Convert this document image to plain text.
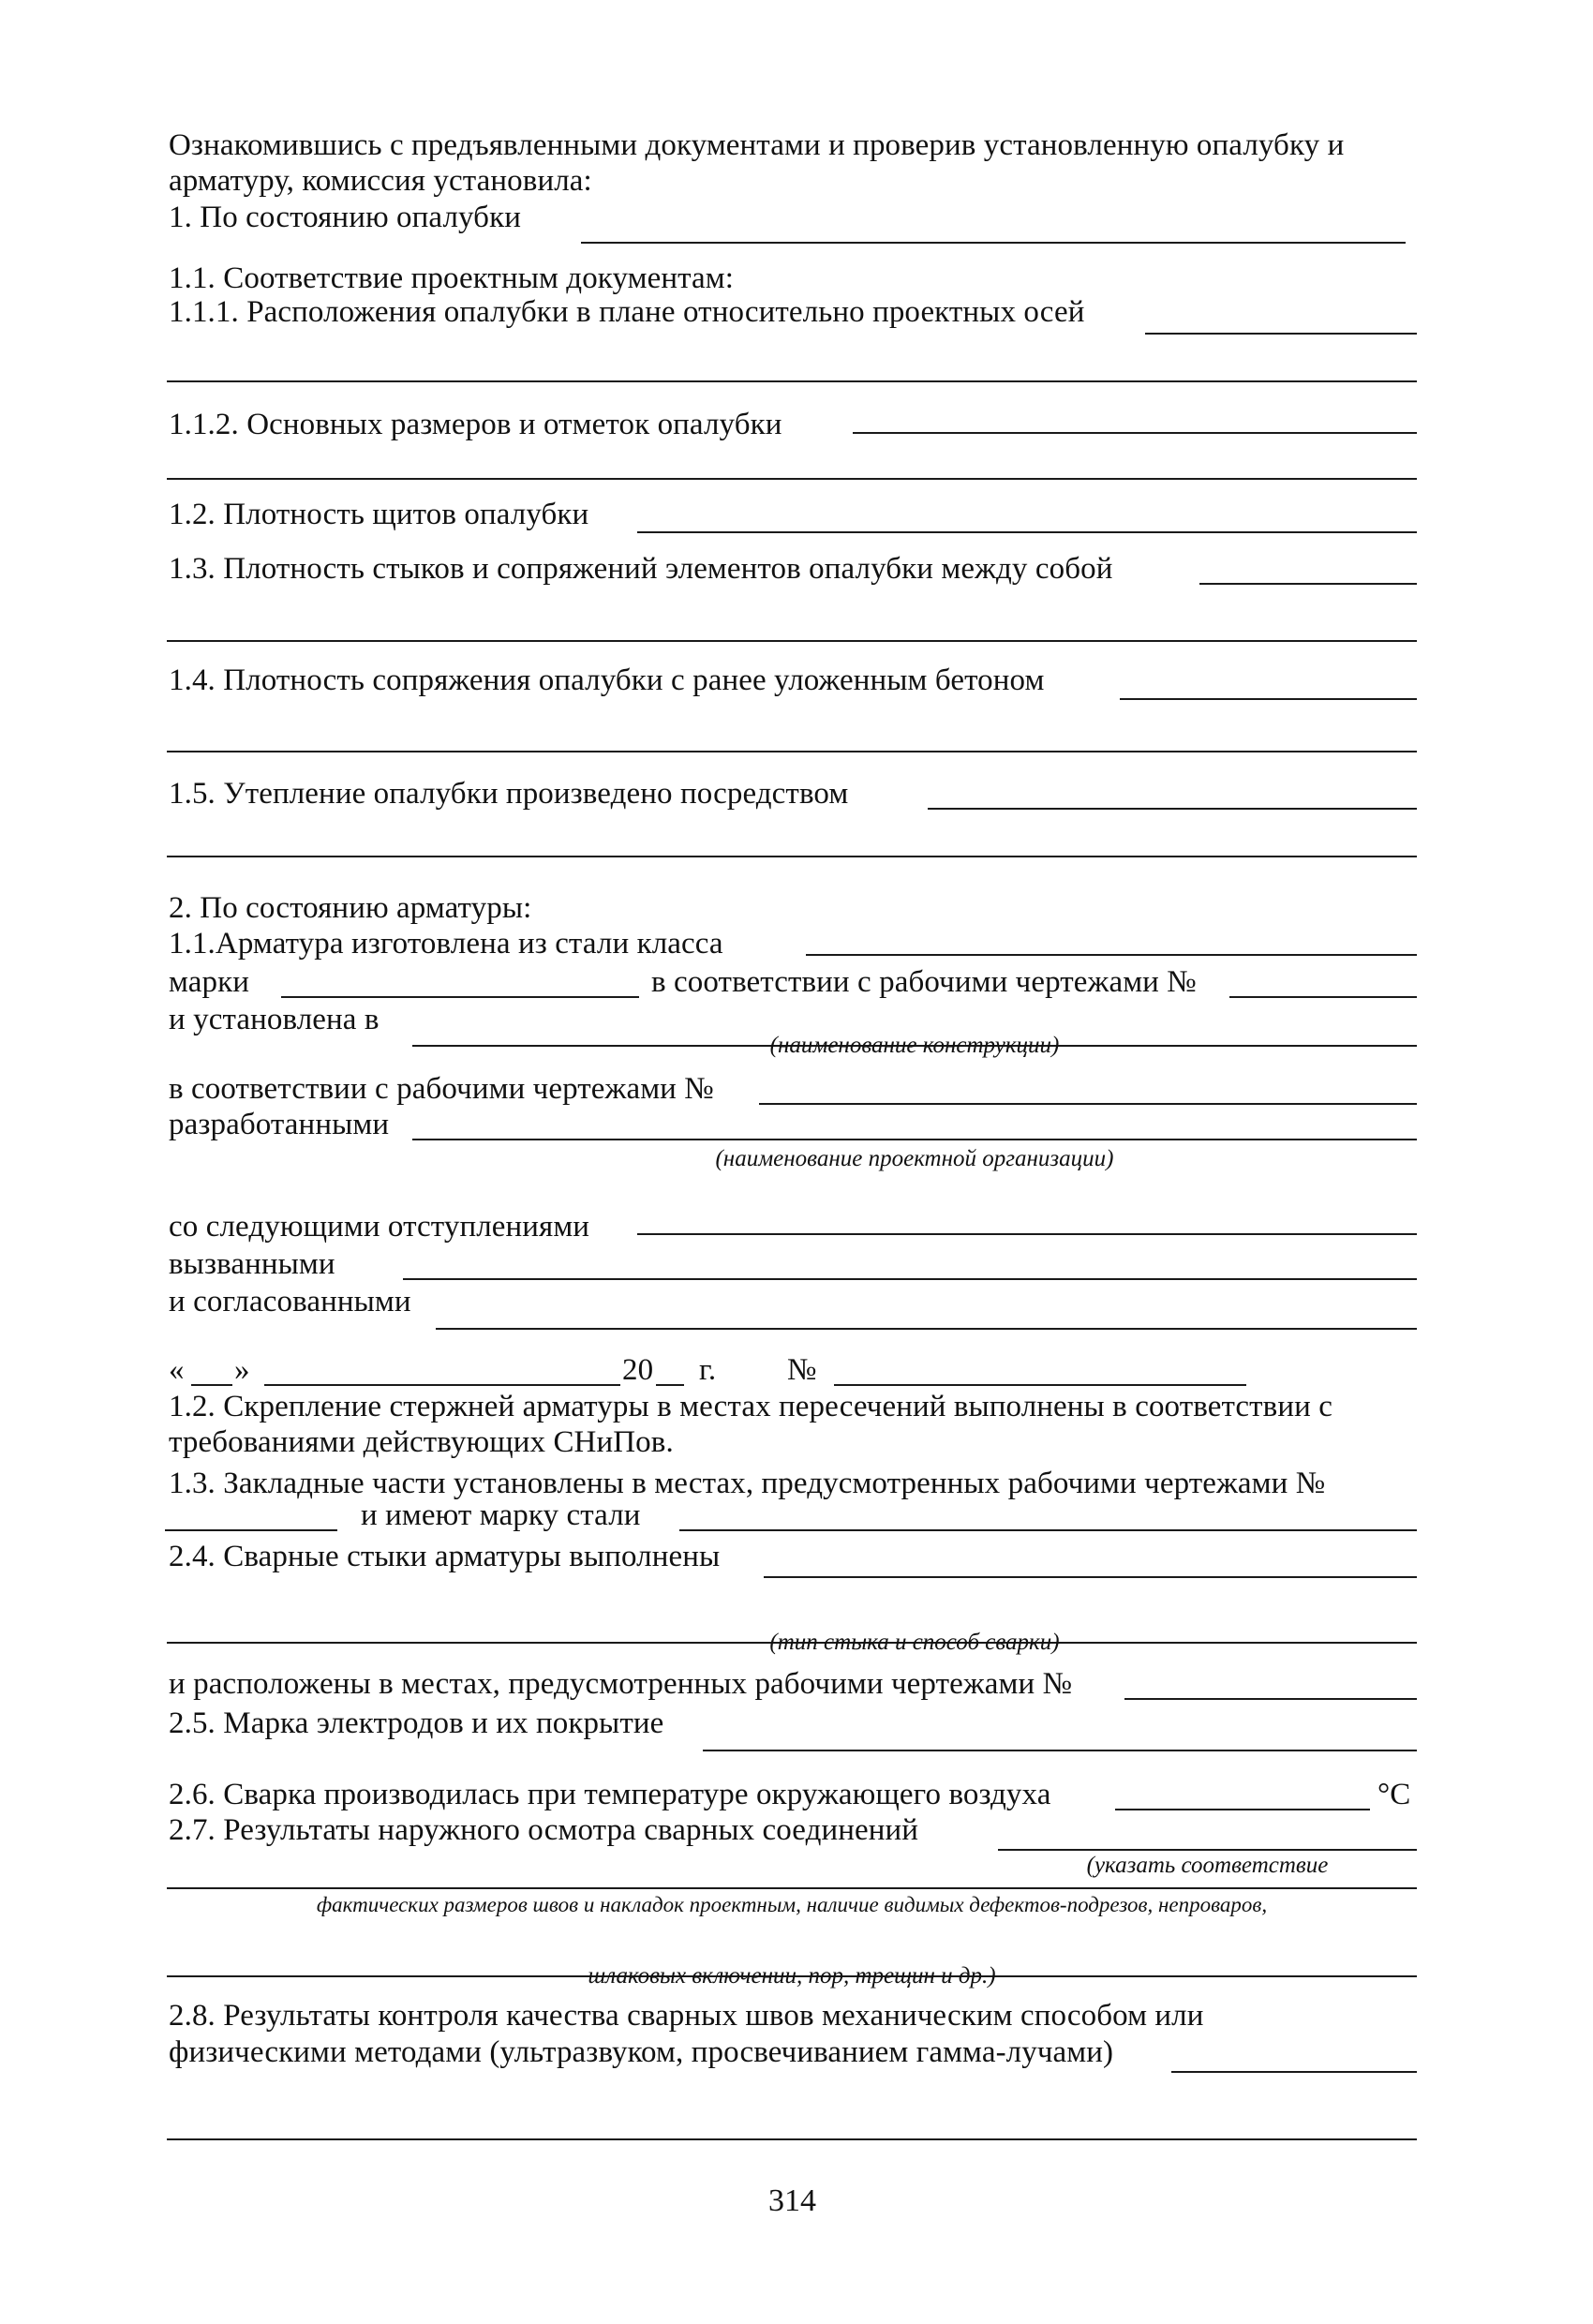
Ознакомившись с предъявленными документами и проверив установленную опалубку и
арматуру, комиссия установила:
1. По состоянию опалубки
1.1. Соответствие проектным документам:
1.1.1. Расположения опалубки в плане относительно проектных осей
1.1.2. Основных размеров и отметок опалубки
1.2. Плотность щитов опалубки
1.3. Плотность стыков и сопряжений элементов опалубки между собой
1.4. Плотность сопряжения опалубки с ранее уложенным бетоном
1.5. Утепление опалубки произведено посредством
2. По состоянию арматуры:
1.1.Арматура изготовлена из стали класса
марки	в соответствии с рабочими чертежами №
и установлена в
(наименование конструкции)
в соответствии с рабочими чертежами №
разработанными
(наименование проектной организации)
со следующими отступлениями
вызванными
и согласованными
« »	20 г. №
1.2. Скрепление стержней арматуры в местах пересечений выполнены в соответствии с
требованиями действующих СНиПов.
1.3. Закладные части установлены в местах, предусмотренных рабочими чертежами №
и имеют марку стали
2.4. Сварные стыки арматуры выполнены
(тип стыка и способ сварки)
и расположены в местах, предусмотренных рабочими чертежами №
2.5. Марка электродов и их покрытие
2.6. Сварка производилась при температуре окружающего воздуха	°С
2.7. Результаты наружного осмотра сварных соединений
(указать соответствие
фактических размеров швов и накладок проектным, наличие видимых дефектов-подрезов, непроваров,
шлаковых включении, пор, трещин и др.)
2.8. Результаты контроля качества сварных швов механическим способом или
физическими методами (ультразвуком, просвечиванием гамма-лучами)
314
